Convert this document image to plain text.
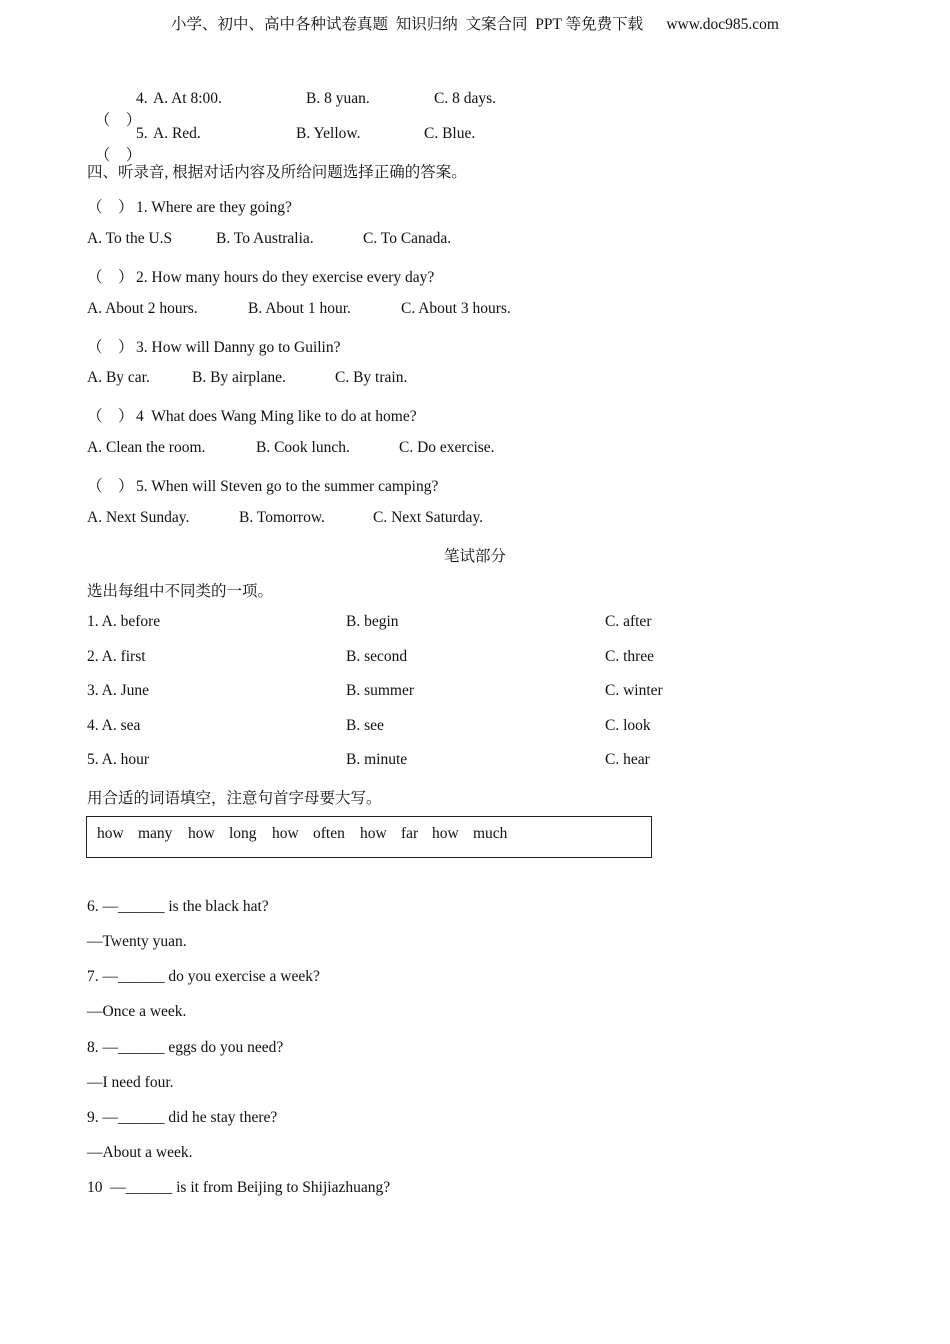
小学、初中、高中各种试卷真题  知识归纳  文案合同  PPT 等免费下载      www.doc985.com

（    ）

4. A. At 8:00.	B. 8 yuan.	C. 8 days.

（    ）

5. A. Red.	B. Yellow.	C. Blue.
四、听录音, 根据对话内容及所给问题选择正确的答案。
（    ） 1. Where are they going?
A. To the U.S	B. To Australia.	C. To Canada.
（    ） 2. How many hours do they exercise every day?
A. About 2 hours.	B. About 1 hour.	C. About 3 hours.
（    ） 3. How will Danny go to Guilin?
A. By car.	B. By airplane.	C. By train.
（    ） 4  What does Wang Ming like to do at home?
A. Clean the room.	B. Cook lunch.	C. Do exercise.
（    ） 5. When will Steven go to the summer camping?
A. Next Sunday.	B. Tomorrow.	C. Next Saturday.
笔试部分
选出每组中不同类的一项。
1. A. before	B. begin	C. after
2. A. first	B. second	C. three
3. A. June	B. summer	C. winter
4. A. sea	B. see	C. look
5. A. hour	B. minute	C. hear
用合适的词语填空，注意句首字母要大写。
how many how long how often how far how much
6. —______ is the black hat?
—Twenty yuan.
7. —______ do you exercise a week?
—Once a week.
8. —______ eggs do you need?
—I need four.
9. —______ did he stay there?
—About a week.
10  —______ is it from Beijing to Shijiazhuang?
